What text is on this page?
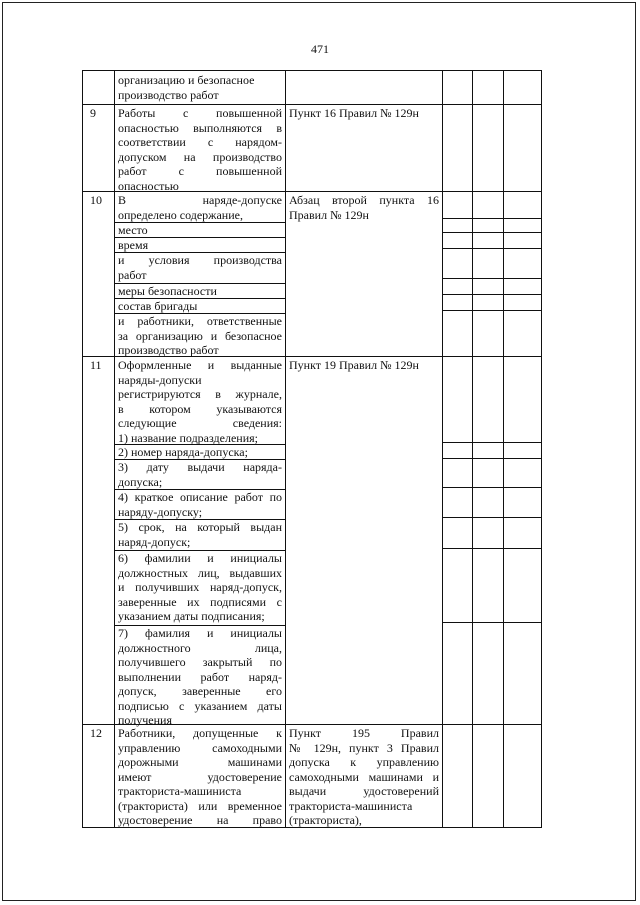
471
организацию и безопасное
производство работ
9 Работы с повышенной
опасностью выполняются в
соответствии с нарядом-
допуском на производство
работ с повышенной
опасностью
Пункт 16 Правил № 129н
10 В наряде-допуске
определено содержание,
место
время
и условия производства
работ
меры безопасности
состав бригады
и работники, ответственные
за организацию и безопасное
производство работ
Абзац второй пункта 16
Правил № 129н
11 Оформленные и выданные
наряды-допуски
регистрируются в журнале,
в котором указываются
следующие сведения:
1) название подразделения;
2) номер наряда-допуска;
3) дату выдачи наряда-
допуска;
4) краткое описание работ по
наряду-допуску;
5) срок, на который выдан
наряд-допуск;
6) фамилии и инициалы
должностных лиц, выдавших
и получивших наряд-допуск,
заверенные их подписями с
указанием даты подписания;
7) фамилия и инициалы
должностного лица,
получившего закрытый по
выполнении работ наряд-
допуск, заверенные его
подписью с указанием даты
получения
Пункт 19 Правил № 129н
12 Работники, допущенные к
управлению самоходными
дорожными машинами
имеют удостоверение
тракториста-машиниста
(тракториста) или временное
удостоверение на право
Пункт 195 Правил
№ 129н, пункт 3 Правил
допуска к управлению
самоходными машинами и
выдачи удостоверений
тракториста-машиниста
(тракториста),
